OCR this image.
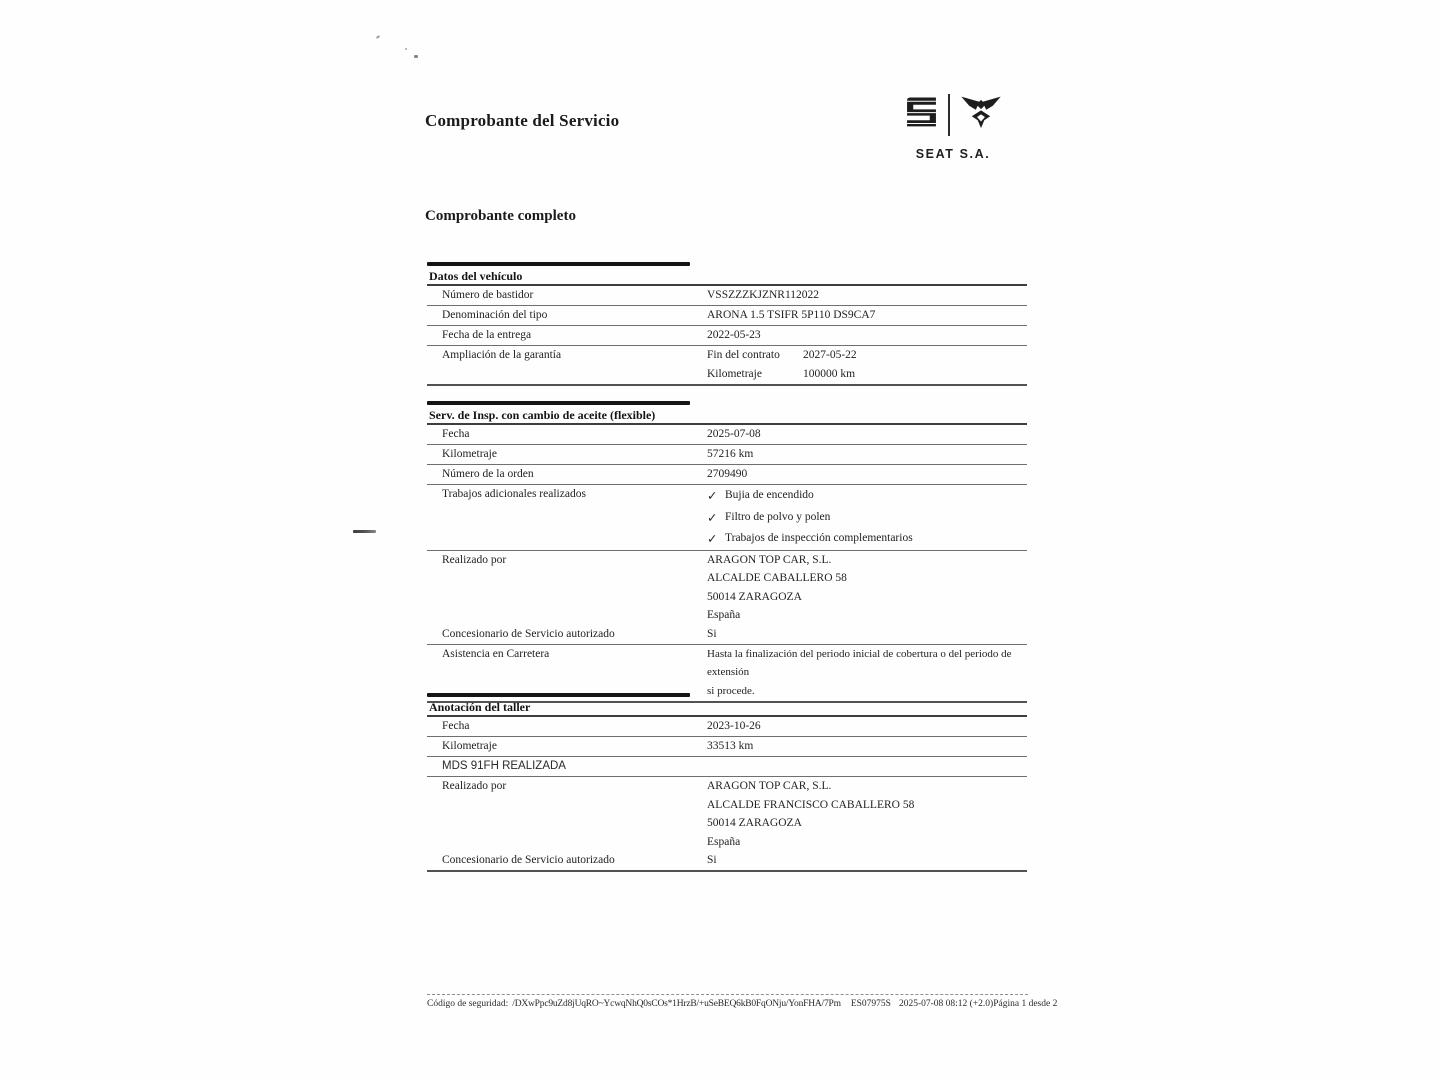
Comprobante del Servicio
SEAT S.A.
Comprobante completo
Datos del vehículo
Número de bastidor	VSSZZZKJZNR112022
Denominación del tipo	ARONA 1.5 TSIFR 5P110 DS9CA7
Fecha de la entrega	2022-05-23
Ampliación de la garantía	Fin del contrato	2027-05-22
Kilometraje	100000 km
Serv. de Insp. con cambio de aceite (flexible)
Fecha	2025-07-08
Kilometraje	57216 km
Número de la orden	2709490
Trabajos adicionales realizados	✓ Bujia de encendido
✓ Filtro de polvo y polen
✓ Trabajos de inspección complementarios
Realizado por	ARAGON TOP CAR, S.L.
ALCALDE CABALLERO 58
50014 ZARAGOZA
España
Concesionario de Servicio autorizado	Si
Asistencia en Carretera	Hasta la finalización del periodo inicial de cobertura o del periodo de extensión
si procede.
Anotación del taller
Fecha	2023-10-26
Kilometraje	33513 km
MDS 91FH REALIZADA
Realizado por	ARAGON TOP CAR, S.L.
ALCALDE FRANCISCO CABALLERO 58
50014 ZARAGOZA
España
Concesionario de Servicio autorizado	Si
Código de seguridad: /DXwPpc9uZd8jUqRO~YcwqNhQ0sCOs*1HrzB/+uSeBEQ6kB0FqONju/YonFHA/7Pm ES07975S 2025-07-08 08:12 (+2.0) Página 1 desde 2
